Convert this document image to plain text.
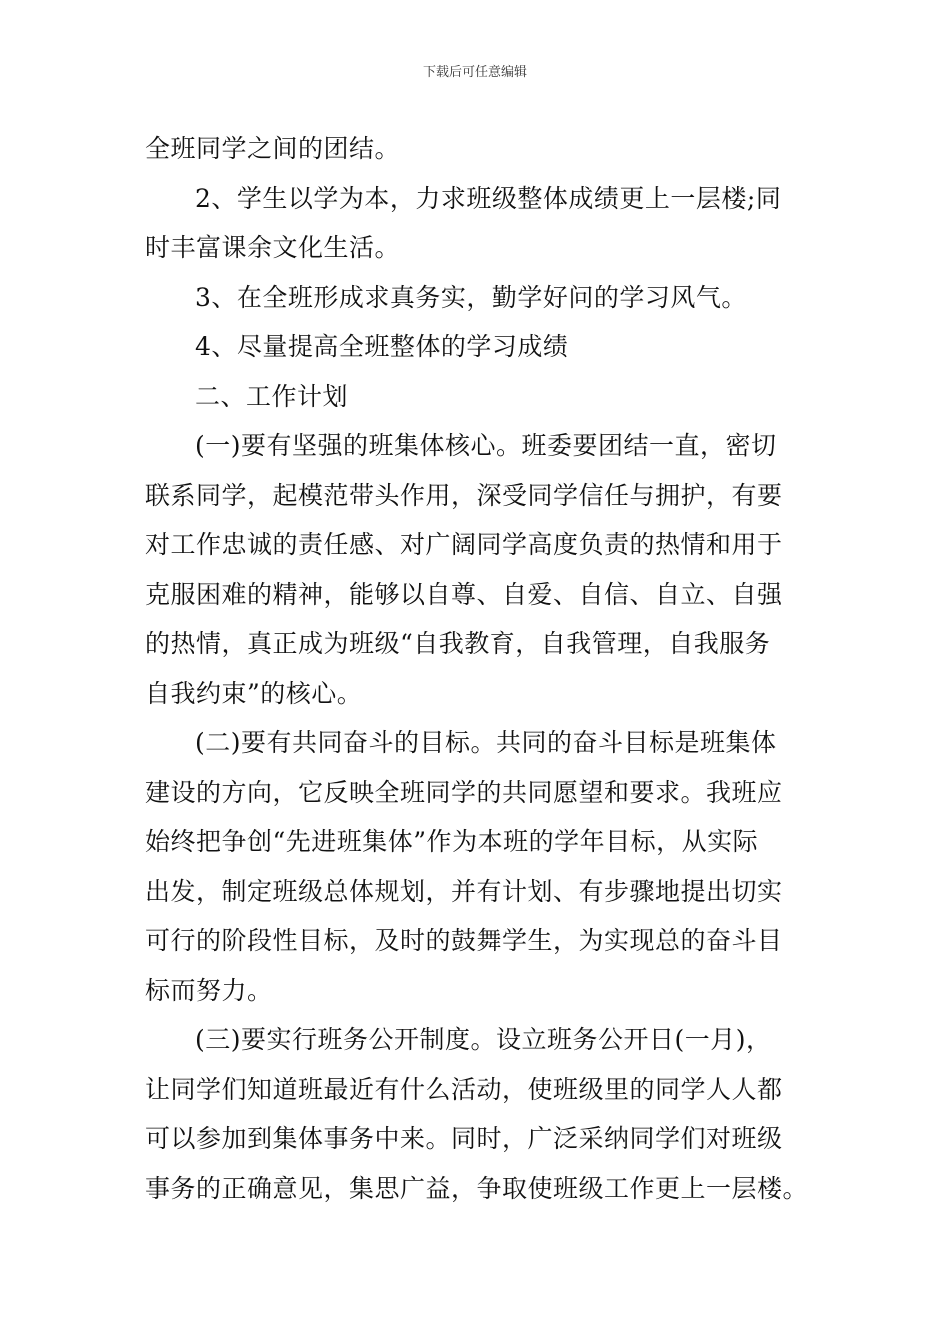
下载后可任意编辑
全班同学之间的团结。
2、学生以学为本，力求班级整体成绩更上一层楼;同
时丰富课余文化生活。
3、在全班形成求真务实，勤学好问的学习风气。
4、尽量提高全班整体的学习成绩
二、工作计划
(一)要有坚强的班集体核心。班委要团结一直，密切
联系同学，起模范带头作用，深受同学信任与拥护，有要
对工作忠诚的责任感、对广阔同学高度负责的热情和用于
克服困难的精神，能够以自尊、自爱、自信、自立、自强
的热情，真正成为班级“自我教育，自我管理，自我服务
自我约束”的核心。
(二)要有共同奋斗的目标。共同的奋斗目标是班集体
建设的方向，它反映全班同学的共同愿望和要求。我班应
始终把争创“先进班集体”作为本班的学年目标，从实际
出发，制定班级总体规划，并有计划、有步骤地提出切实
可行的阶段性目标，及时的鼓舞学生，为实现总的奋斗目
标而努力。
(三)要实行班务公开制度。设立班务公开日(一月)，
让同学们知道班最近有什么活动，使班级里的同学人人都
可以参加到集体事务中来。同时，广泛采纳同学们对班级
事务的正确意见，集思广益，争取使班级工作更上一层楼。
